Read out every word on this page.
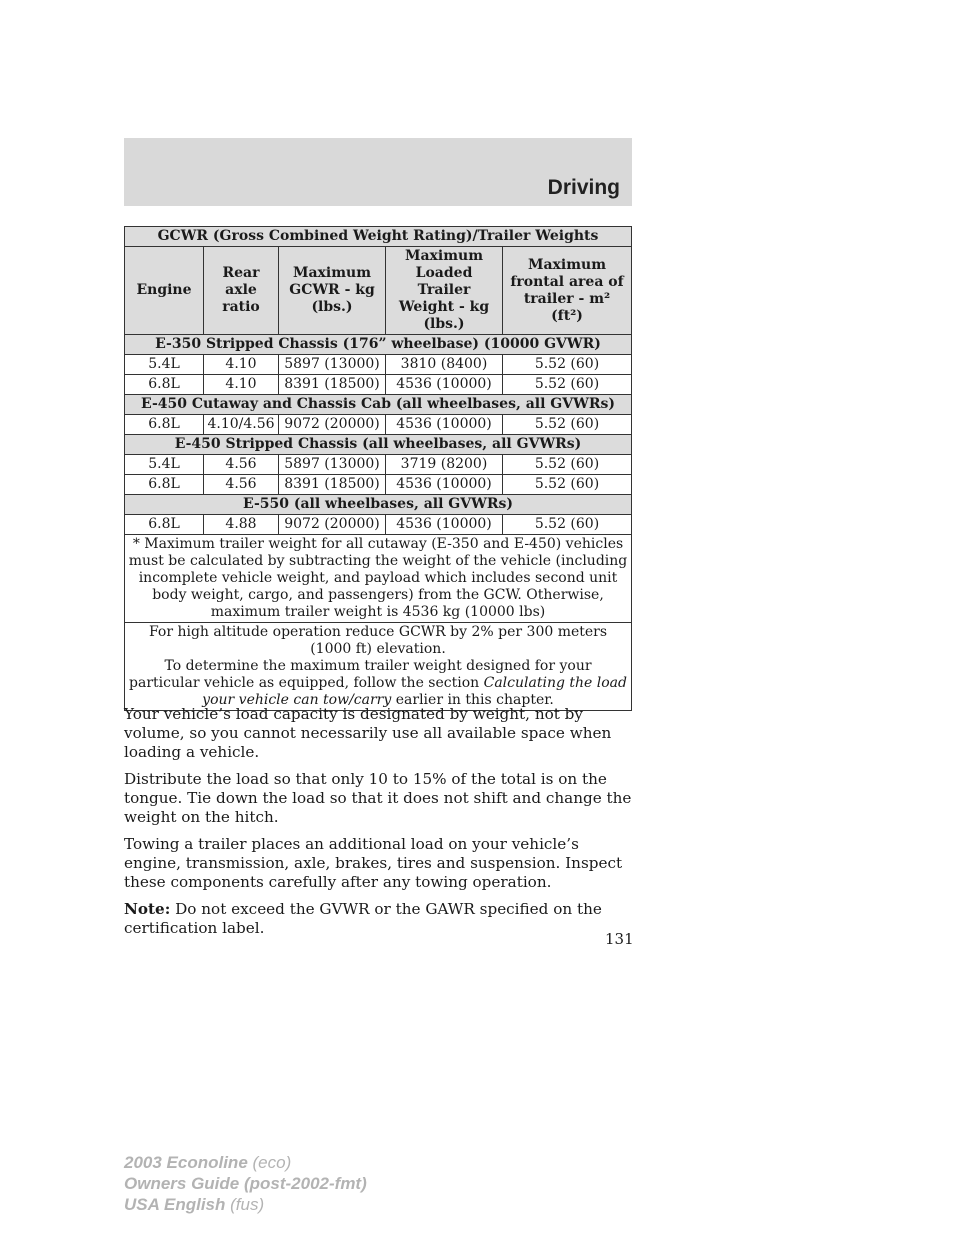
Driving
GCWR (Gross Combined Weight Rating)/Trailer Weights				
Engine	Rear axle ratio	Maximum GCWR - kg (lbs.)	Maximum Loaded Trailer Weight - kg (lbs.)	Maximum frontal area of trailer - m² (ft²)
E-350 Stripped Chassis (176” wheelbase) (10000 GVWR)				
5.4L	4.10	5897 (13000)	3810 (8400)	5.52 (60)
6.8L	4.10	8391 (18500)	4536 (10000)	5.52 (60)
E-450 Cutaway and Chassis Cab (all wheelbases, all GVWRs)				
6.8L	4.10/4.56	9072 (20000)	4536 (10000)	5.52 (60)
E-450 Stripped Chassis (all wheelbases, all GVWRs)				
5.4L	4.56	5897 (13000)	3719 (8200)	5.52 (60)
6.8L	4.56	8391 (18500)	4536 (10000)	5.52 (60)
E-550 (all wheelbases, all GVWRs)				
6.8L	4.88	9072 (20000)	4536 (10000)	5.52 (60)
* Maximum trailer weight for all cutaway (E-350 and E-450) vehicles must be calculated by subtracting the weight of the vehicle (including incomplete vehicle weight, and payload which includes second unit body weight, cargo, and passengers) from the GCW. Otherwise, maximum trailer weight is 4536 kg (10000 lbs)				

For high altitude operation reduce GCWR by 2% per 300 meters (1000 ft) elevation.
To determine the maximum trailer weight designed for your particular vehicle as equipped, follow the section Calculating the load your vehicle can tow/carry earlier in this chapter.				

Your vehicle’s load capacity is designated by weight, not by volume, so you cannot necessarily use all available space when loading a vehicle.

Distribute the load so that only 10 to 15% of the total is on the tongue. Tie down the load so that it does not shift and change the weight on the hitch.

Towing a trailer places an additional load on your vehicle’s engine, transmission, axle, brakes, tires and suspension. Inspect these components carefully after any towing operation.

Note: Do not exceed the GVWR or the GAWR specified on the certification label.

131
2003 Econoline (eco)
Owners Guide (post-2002-fmt)
USA English (fus)
